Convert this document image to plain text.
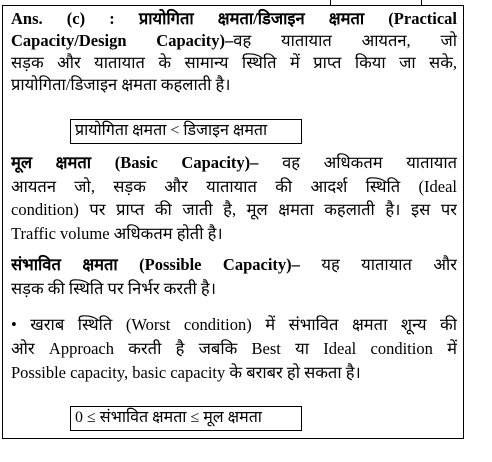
Ans. (c) : प्रायोगिता क्षमता/डिजाइन क्षमता (Practical
Capacity/Design Capacity)–वह यातायात आयतन, जो
सड़क और यातायात के सामान्य स्थिति में प्राप्त किया जा सके,
प्रायोगिता/डिजाइन क्षमता कहलाती है।
प्रायोगिता क्षमता < डिजाइन क्षमता
मूल क्षमता (Basic Capacity)– वह अधिकतम यातायात
आयतन जो, सड़क और यातायात की आदर्श स्थिति (Ideal
condition) पर प्राप्त की जाती है, मूल क्षमता कहलाती है। इस पर
Traffic volume अधिकतम होती है।
संभावित क्षमता (Possible Capacity)– यह यातायात और
सड़क की स्थिति पर निर्भर करती है।
• खराब स्थिति (Worst condition) में संभावित क्षमता शून्य की
ओर Approach करती है जबकि Best या Ideal condition में
Possible capacity, basic capacity के बराबर हो सकता है।
0 ≤ संभावित क्षमता ≤ मूल क्षमता
